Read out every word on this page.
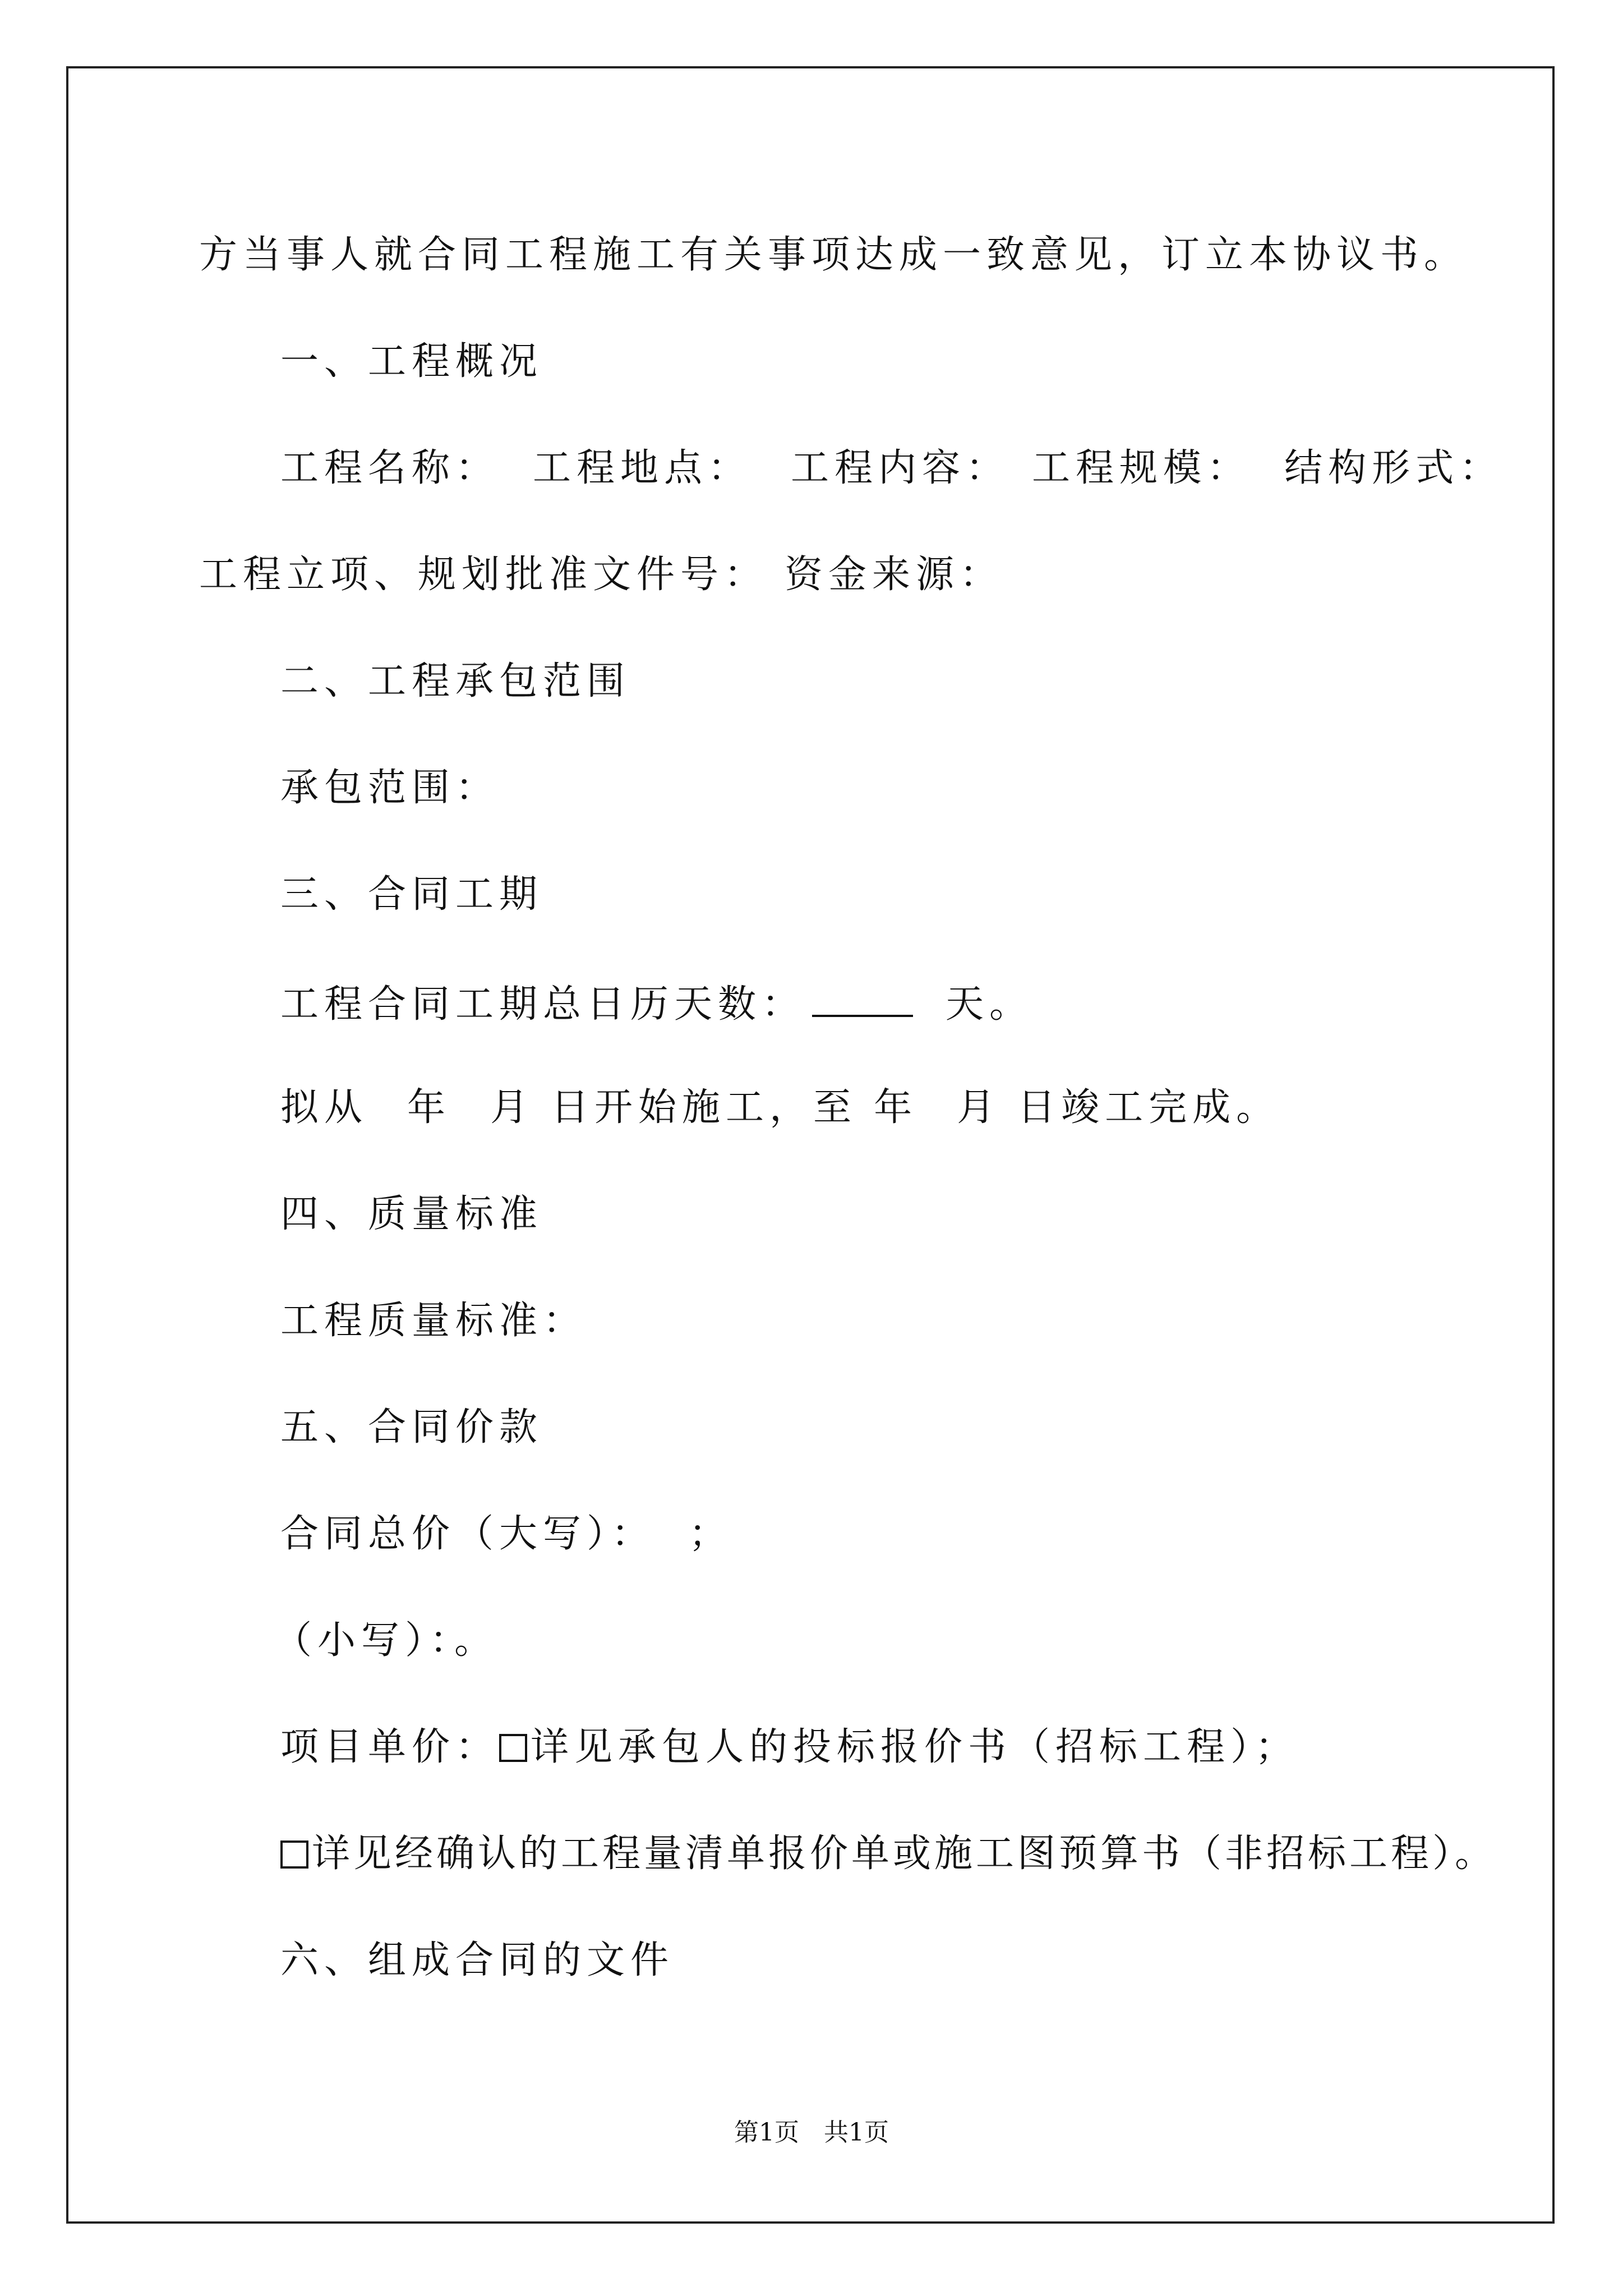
方当事人就合同工程施工有关事项达成一致意见，订立本协议书。
一、工程概况
工程名称： 工程地点： 工程内容： 工程规模： 结构形式：
工程立项、规划批准文件号： 资金来源：
二、工程承包范围
承包范围：
三、合同工期
工程合同工期总日历天数：	天。
拟从 年 月 日开始施工，至 年 月 日竣工完成。
四、质量标准
工程质量标准：
五、合同价款
合同总价（大写）： ；
（小写）：。
项目单价： 详见承包人的投标报价书（招标工程）；
详见经确认的工程量清单报价单或施工图预算书（非招标工程）。
六、组成合同的文件
第1页　共1页
